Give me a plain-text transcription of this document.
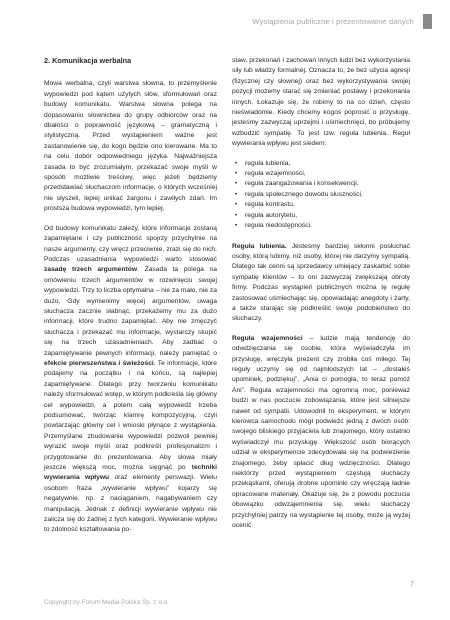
Wystąpienia publiczne i prezentowanie danych
2. Komunikacja werbalna

Mowa werbalna, czyli warstwa słowna, to przemyślenie wypowiedzi pod kątem użytych słów, sformułowań oraz budowy komunikatu. Warstwa słowna polega na dopasowaniu słownictwa do grupy odbiorców oraz na dbałości o poprawność językową – gramatyczną i stylistyczną. Przed wystąpieniem ważne jest zastanowienie się, do kogo będzie ono kierowane. Ma to na celu dobór odpowiedniego języka. Najważniejsza zasada to być zrozumiałym, przekazać swoje myśli w sposób możliwie treściwy, więc jeżeli będziemy przedstawiać słuchaczom informacje, o których wcześniej nie słyszeli, lepiej unikać żargonu i zawiłych zdań. Im prostsza budowa wypowiedzi, tym lepiej.

Od budowy komunikatu zależy, które informacje zostaną zapamiętane i czy publiczność spojrzy przychylnie na nasze argumenty, czy wręcz przeciwnie, zrazi się do nich. Podczas uzasadniania wypowiedzi warto stosować zasadę trzech argumentów. Zasada ta polega na omówieniu trzech argumentów w rozwinięciu swojej wypowiedzi. Trzy to liczba optymalna – nie za mało, nie za dużo. Gdy wymienimy więcej argumentów, uwaga słuchacza zacznie słabnąć, przekażemy mu za dużo informacji, które trudno zapamiętać. Aby nie zmęczyć słuchacza i przekazać mu informacje, wystarczy skupić się na trzech uzasadnieniach. Aby zadbać o zapamiętywanie pewnych informacji, należy pamiętać o efekcie pierwszeństwa i świeżości. Te informacje, które podajemy na początku i na końcu, są najlepiej zapamiętywane. Dlatego przy tworzeniu komunikatu należy sformułować wstęp, w którym podkreśla się główny cel wypowiedzi, a potem całą wypowiedź trzeba podsumować, twórząc klamrę kompozycyjną, czyli powtarzając główny cel i wnioski płynące z wystąpienia. Przemyślane zbudowanie wypowiedzi pozwoli pewniej wyrazić swoje myśli oraz podkreśli profesjonalizm i przygotowanie do prezentowania. Aby słowa miały jeszcze większą moc, można sięgnąć po techniki wywierania wpływu oraz elementy perswazji. Wielu osobom fraza „wywieranie wpływu” kojarzy się negatywnie, np. z naciąganiem, nagabywaniem czy manipulacją. Jednak z definicji wywieranie wpływu nie zalicza się do żadnej z tych kategorii. Wywieranie wpływu to zdolność kształtowania po-

staw, przekonań i zachowań innych ludzi bez wykorzystania siły lub władzy formalnej. Oznacza to, że bez użycia agresji (fizycznej czy słownej) oraz bez wykorzystywania swojej pozycji możemy starać się zmieniać postawy i przekonania innych. Łokazuje się, że robimy to na co dzień, często nieświadomie. Kiedy chcemy kogoś poprosić o przysługę, jesteśmy zazwyczaj uprzejmi i uśmiechnięci, bo próbujemy wzbudzić sympatię. To jest tzw. reguła lubienia. Reguł wywierania wpływu jest siedem:

• reguła lubienia,
• reguła wzajemności,
• reguła zaangażowania i konsekwencji,
• reguła społecznego dowodu słuszności,
• reguła kontrastu,
• reguła autorytetu,
• reguła niedostępności.

Reguła lubienia. Jesteśmy bardziej skłonni posłuchać osoby, którą lubimy, niż osoby, której nie darzymy sympatią. Dlatego tak cenni są sprzedawcy umiejący zaskarbić sobie sympatię klientów – to oni zazwyczaj zwiększają obroty firmy. Podczas wystąpień publicznych można tę regułę zastosować uśmiechając się, opowiadając anegdoty i żarty, a także starając się podkreślić swoje podobieństwo do słuchaczy.

Reguła wzajemności – ludzie mają tendencję do odwdzięczania się osobie, która wyświadczyła im przysługę, wręczyła prezent czy zrobiła coś miłego. Tej reguły uczymy się od najmłodszych lat – „dostałeś upominek, podziękuj”, „Ania ci pomogła, to teraz pomóż Ani”. Reguła wzajemności ma ogromną moc, ponieważ budzi w nas poczucie zobowiązania, które jest silniejsze nawet od sympatii. Udowodnił to eksperyment, w którym kierowca samochodu mógł podwieźć jedną z dwóch osób: swojego bliskiego przyjaciela lub znajomego, który ostatnio wyświadczył mu przysługę. Większość osób biorących udział w eksperymencie zdecydowała się na podwiezienie znajomego, żeby spłacić dług wdzięczności. Dlatego niektórzy przed wystąpieniem częstują słuchaczy przekąskami, oferują drobne upominki czy wręczają ładnie opracowane materiały. Okazuje się, że z powodu poczucia obowiązku odwzajemnienia się, wielu słuchaczy przychylniej patrzy na wystąpienie tej osoby, może ją wyżej ocenić.

7
Copyright by Forum Media Polska Sp. z o.o.
